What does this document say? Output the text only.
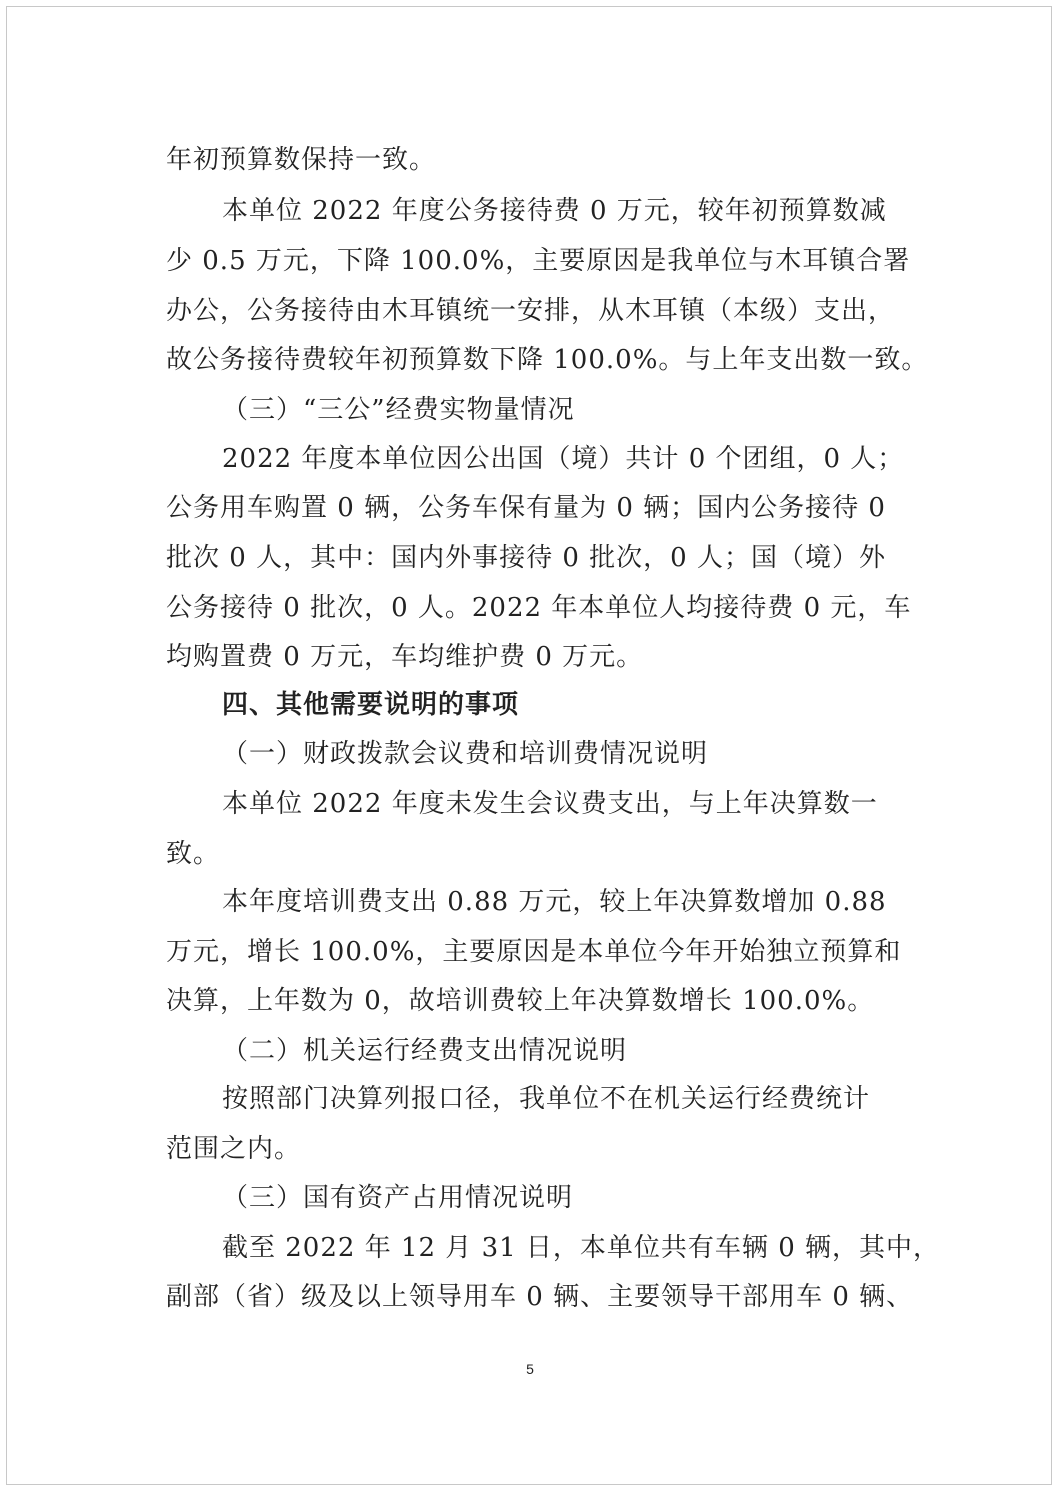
年初预算数保持一致。
本单位 2022 年度公务接待费 0 万元，较年初预算数减
少 0.5 万元，下降 100.0%，主要原因是我单位与木耳镇合署
办公，公务接待由木耳镇统一安排，从木耳镇（本级）支出，
故公务接待费较年初预算数下降 100.0%。与上年支出数一致。
（三）“三公”经费实物量情况
2022 年度本单位因公出国（境）共计 0 个团组，0 人；
公务用车购置 0 辆，公务车保有量为 0 辆；国内公务接待 0
批次 0 人，其中：国内外事接待 0 批次，0 人；国（境）外
公务接待 0 批次，0 人。2022 年本单位人均接待费 0 元，车
均购置费 0 万元，车均维护费 0 万元。
四、其他需要说明的事项
（一）财政拨款会议费和培训费情况说明
本单位 2022 年度未发生会议费支出，与上年决算数一
致。
本年度培训费支出 0.88 万元，较上年决算数增加 0.88
万元，增长 100.0%，主要原因是本单位今年开始独立预算和
决算，上年数为 0，故培训费较上年决算数增长 100.0%。
（二）机关运行经费支出情况说明
按照部门决算列报口径，我单位不在机关运行经费统计
范围之内。
（三）国有资产占用情况说明
截至 2022 年 12 月 31 日，本单位共有车辆 0 辆，其中，
副部（省）级及以上领导用车 0 辆、主要领导干部用车 0 辆、
5
